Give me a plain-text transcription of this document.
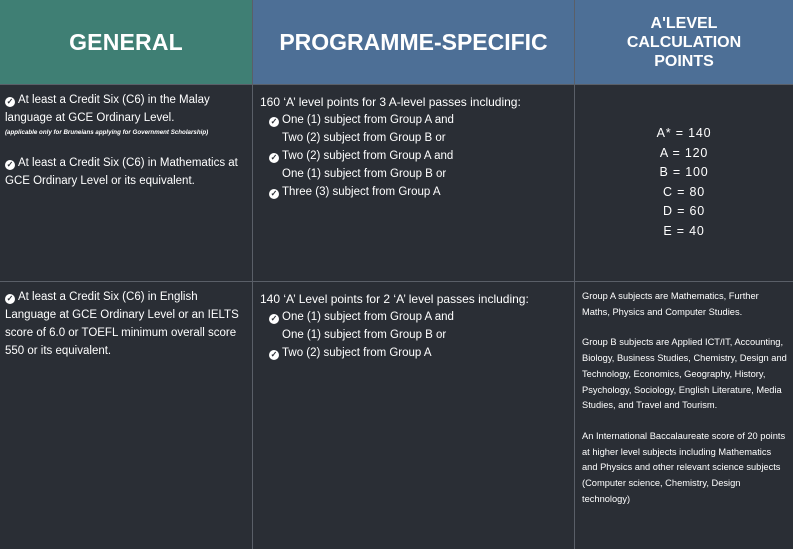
GENERAL
✓ At least a Credit Six (C6) in the Malay language at GCE Ordinary Level.
(applicable only for Bruneians applying for Government Scholarship)
✓ At least a Credit Six (C6) in Mathematics at GCE Ordinary Level or its equivalent.
✓ At least a Credit Six (C6) in English Language at GCE Ordinary Level or an IELTS score of 6.0 or TOEFL minimum overall score 550 or its equivalent.
PROGRAMME-SPECIFIC
160 ‘A’ level points for 3 A-level passes including:
✓ One (1) subject from Group A and
Two (2) subject from Group B or
✓ Two (2) subject from Group A and
One (1) subject from Group B or
✓ Three (3) subject from Group A
140 ‘A’ Level points for 2 ‘A’ level passes including:
✓ One (1) subject from Group A and
One (1) subject from Group B or
✓ Two (2) subject from Group A
A'LEVEL
CALCULATION
POINTS
A* = 140
A = 120
B = 100
C = 80
D = 60
E = 40
Group A subjects are Mathematics, Further Maths, Physics and Computer Studies.
Group B subjects are Applied ICT/IT, Accounting, Biology, Business Studies, Chemistry, Design and Technology, Economics, Geography, History, Psychology, Sociology, English Literature, Media Studies, and Travel and Tourism.
An International Baccalaureate score of 20 points at higher level subjects including Mathematics and Physics and other relevant science subjects (Computer science, Chemistry, Design technology)
